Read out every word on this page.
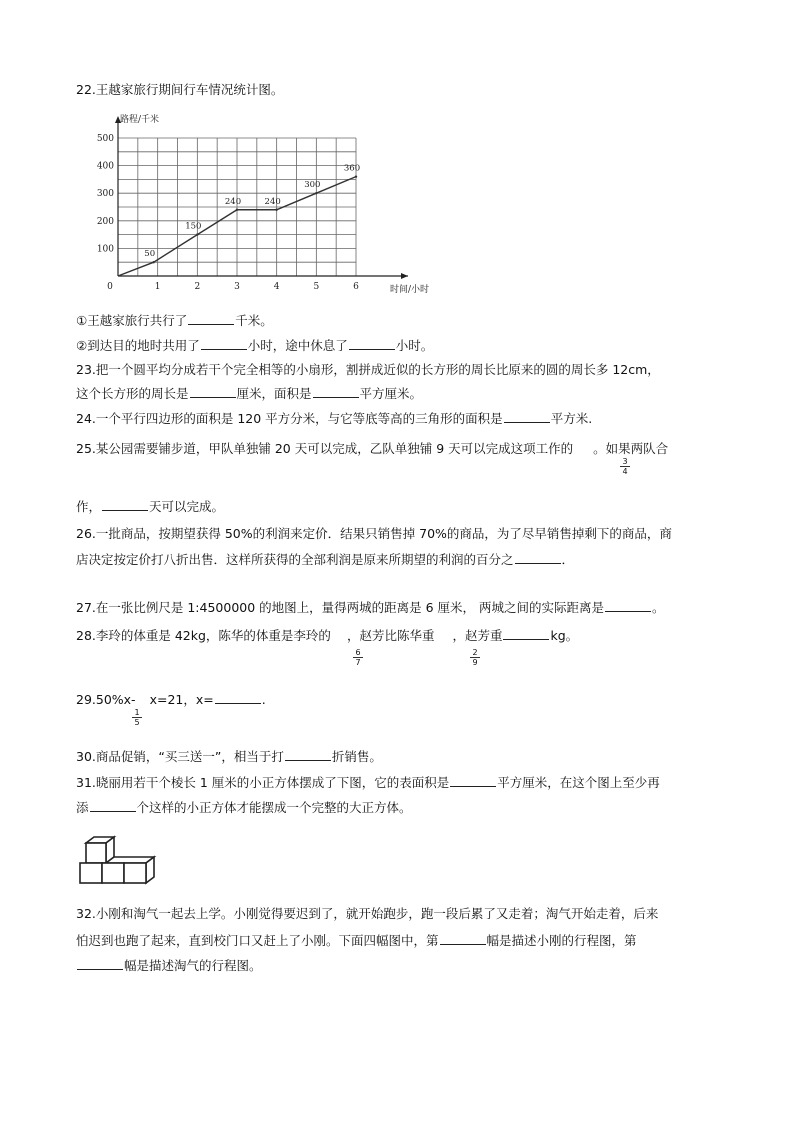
22.王越家旅行期间行车情况统计图。
0	1	2	3	4	5	6
100
200
300
400
500
50
150
240	240
300
360
路程/千米
时间/小时
①王越家旅行共行了	千米。
②到达目的地时共用了	小时，途中休息了	小时。
23.把一个圆平均分成若干个完全相等的小扇形，割拼成近似的长方形的周长比原来的圆的周长多 12cm，
这个长方形的周长是	厘米，面积是	平方厘米。
24.一个平行四边形的面积是 120 平方分米，与它等底等高的三角形的面积是	平方米.
25.某公园需要铺步道，甲队单独铺 20 天可以完成，乙队单独铺 9 天可以完成这项工作的 。如果两队合
$\frac{3}{4}$
作，	天可以完成。
26.一批商品，按期望获得 50%的利润来定价．结果只销售掉 70%的商品，为了尽早销售掉剩下的商品，商
店决定按定价打八折出售．这样所获得的全部利润是原来所期望的利润的百分之	．
27.在一张比例尺是 1:4500000 的地图上，量得两城的距离是 6 厘米， 两城之间的实际距离是	。
28.李玲的体重是 42kg，陈华的体重是李玲的 ，赵芳比陈华重 ，赵芳重	kg。
$\frac{6}{7}$	$\frac{2}{9}$
29.50%x- x=21，x=	.
$\frac{1}{5}$
30.商品促销，“买三送一”，相当于打	折销售。
31.晓丽用若干个棱长 1 厘米的小正方体摆成了下图，它的表面积是	平方厘米，在这个图上至少再
添	个这样的小正方体才能摆成一个完整的大正方体。
32.小刚和淘气一起去上学。小刚觉得要迟到了，就开始跑步，跑一段后累了又走着；淘气开始走着，后来
怕迟到也跑了起来，直到校门口又赶上了小刚。下面四幅图中，第	幅是描述小刚的行程图，第
幅是描述淘气的行程图。
